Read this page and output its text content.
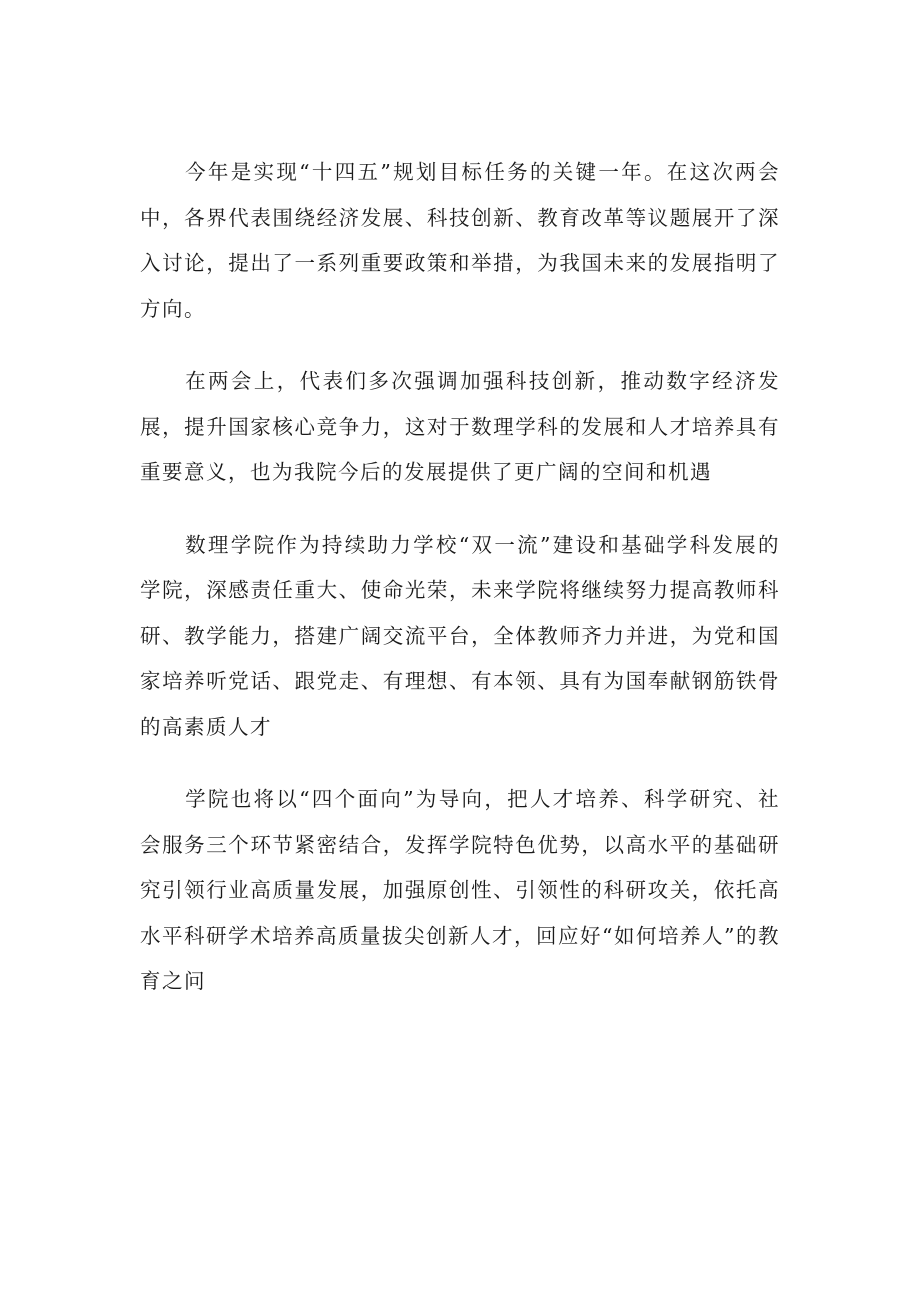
今年是实现“十四五”规划目标任务的关键一年。在这次两会中，各界代表围绕经济发展、科技创新、教育改革等议题展开了深入讨论，提出了一系列重要政策和举措，为我国未来的发展指明了方向。

在两会上，代表们多次强调加强科技创新，推动数字经济发展，提升国家核心竞争力，这对于数理学科的发展和人才培养具有重要意义，也为我院今后的发展提供了更广阔的空间和机遇

数理学院作为持续助力学校“双一流”建设和基础学科发展的学院，深感责任重大、使命光荣，未来学院将继续努力提高教师科研、教学能力，搭建广阔交流平台，全体教师齐力并进，为党和国家培养听党话、跟党走、有理想、有本领、具有为国奉献钢筋铁骨的高素质人才

学院也将以“四个面向”为导向，把人才培养、科学研究、社会服务三个环节紧密结合，发挥学院特色优势，以高水平的基础研究引领行业高质量发展，加强原创性、引领性的科研攻关，依托高水平科研学术培养高质量拔尖创新人才，回应好“如何培养人”的教育之问
